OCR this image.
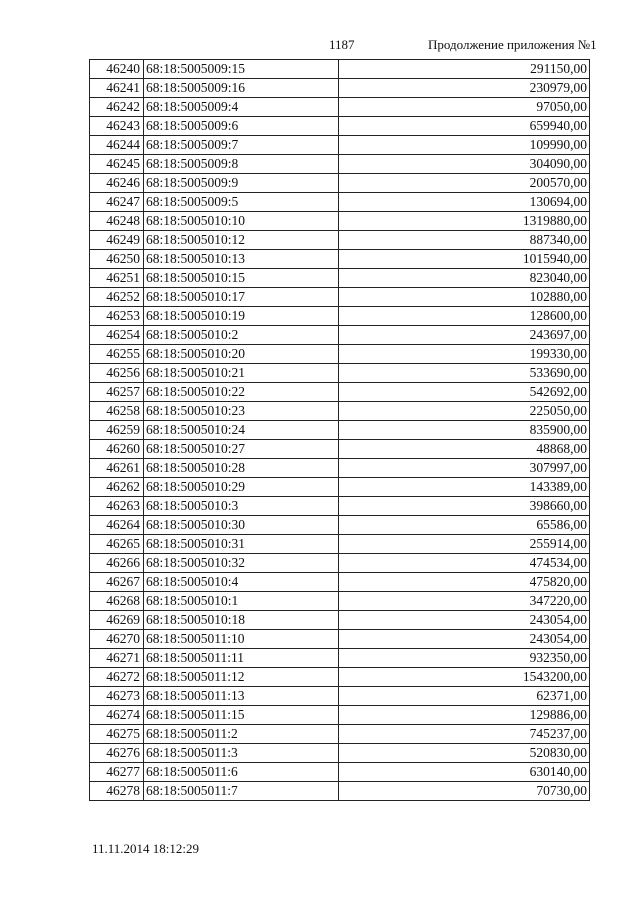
1187	Продолжение приложения №1
46240	68:18:5005009:15	291150,00
46241	68:18:5005009:16	230979,00
46242	68:18:5005009:4	97050,00
46243	68:18:5005009:6	659940,00
46244	68:18:5005009:7	109990,00
46245	68:18:5005009:8	304090,00
46246	68:18:5005009:9	200570,00
46247	68:18:5005009:5	130694,00
46248	68:18:5005010:10	1319880,00
46249	68:18:5005010:12	887340,00
46250	68:18:5005010:13	1015940,00
46251	68:18:5005010:15	823040,00
46252	68:18:5005010:17	102880,00
46253	68:18:5005010:19	128600,00
46254	68:18:5005010:2	243697,00
46255	68:18:5005010:20	199330,00
46256	68:18:5005010:21	533690,00
46257	68:18:5005010:22	542692,00
46258	68:18:5005010:23	225050,00
46259	68:18:5005010:24	835900,00
46260	68:18:5005010:27	48868,00
46261	68:18:5005010:28	307997,00
46262	68:18:5005010:29	143389,00
46263	68:18:5005010:3	398660,00
46264	68:18:5005010:30	65586,00
46265	68:18:5005010:31	255914,00
46266	68:18:5005010:32	474534,00
46267	68:18:5005010:4	475820,00
46268	68:18:5005010:1	347220,00
46269	68:18:5005010:18	243054,00
46270	68:18:5005011:10	243054,00
46271	68:18:5005011:11	932350,00
46272	68:18:5005011:12	1543200,00
46273	68:18:5005011:13	62371,00
46274	68:18:5005011:15	129886,00
46275	68:18:5005011:2	745237,00
46276	68:18:5005011:3	520830,00
46277	68:18:5005011:6	630140,00
46278	68:18:5005011:7	70730,00
11.11.2014 18:12:29
